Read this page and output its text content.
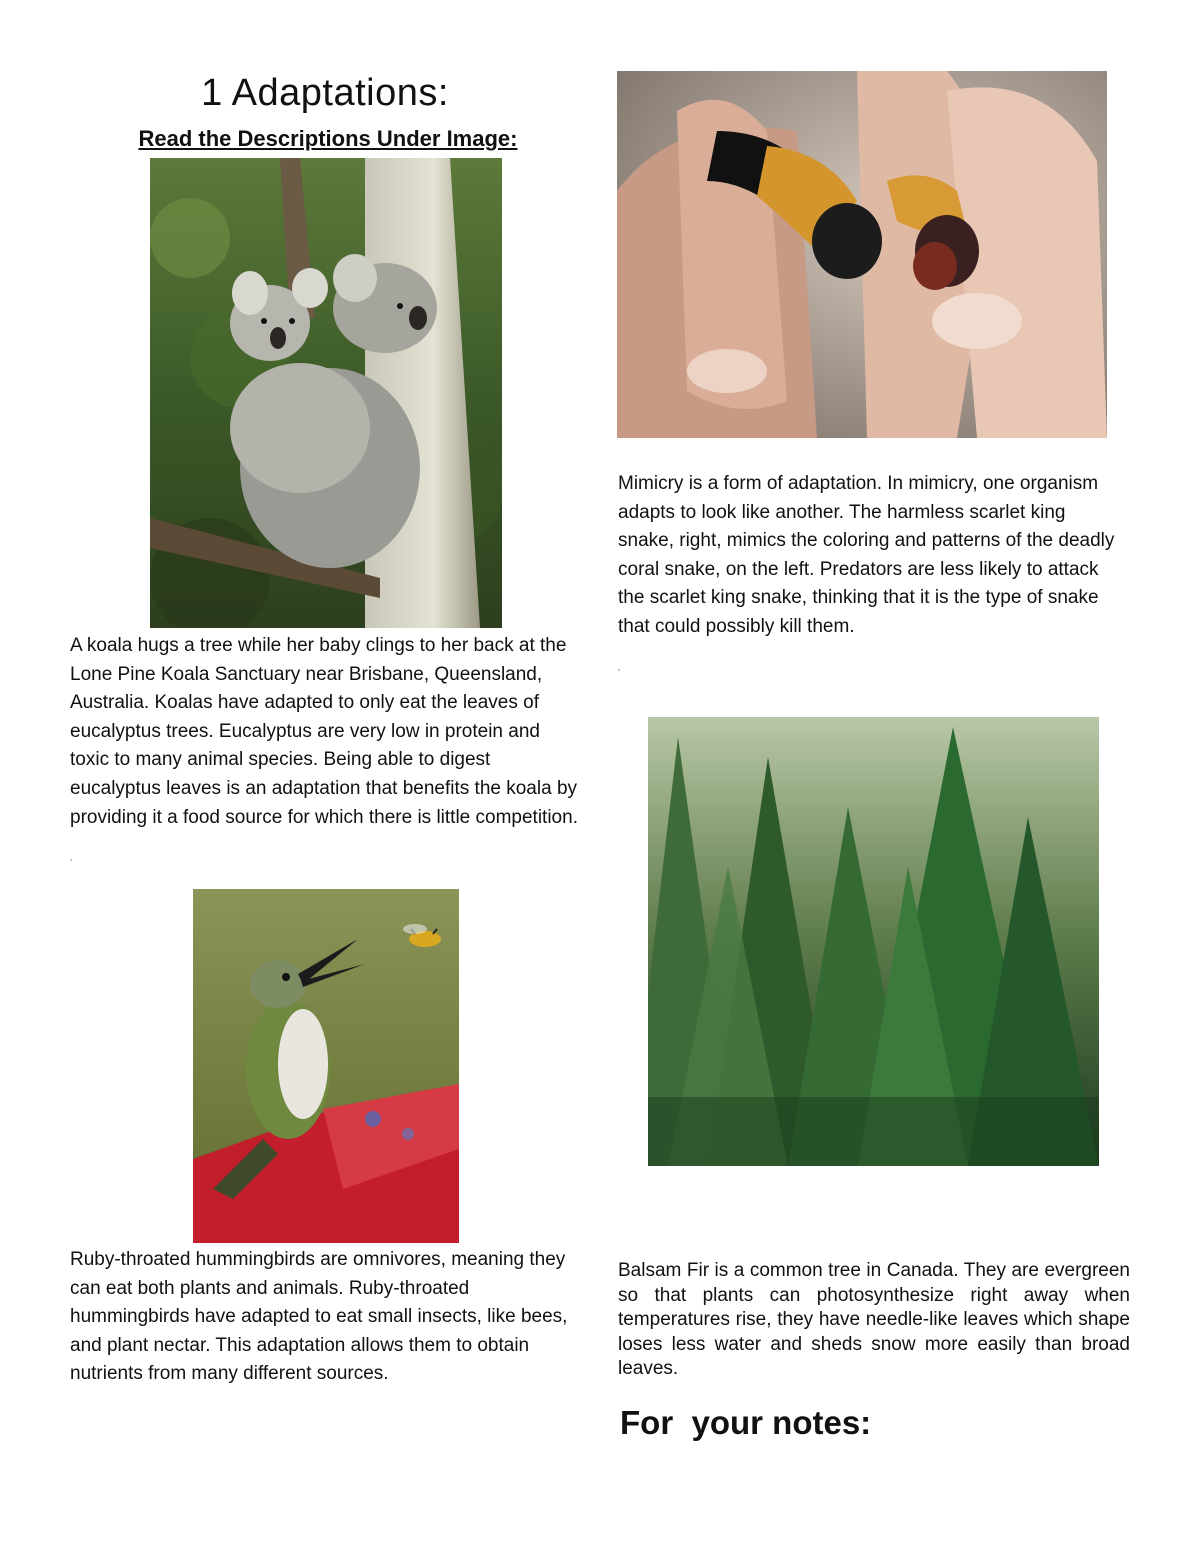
1 Adaptations:
Read the Descriptions Under Image:
A koala hugs a tree while her baby clings to her back at the Lone Pine Koala Sanctuary near Brisbane, Queensland, Australia. Koalas have adapted to only eat the leaves of eucalyptus trees. Eucalyptus are very low in protein and toxic to many animal species. Being able to digest eucalyptus leaves is an adaptation that benefits the koala by providing it a food source for which there is little competition.
'
Mimicry is a form of adaptation. In mimicry, one organism adapts to look like another. The harmless scarlet king snake, right, mimics the coloring and patterns of the deadly coral snake, on the left. Predators are less likely to attack the scarlet king snake, thinking that it is the type of snake that could possibly kill them.
'
Ruby-throated hummingbirds are omnivores, meaning they can eat both plants and animals. Ruby-throated hummingbirds have adapted to eat small insects, like bees, and plant nectar. This adaptation allows them to obtain nutrients from many different sources.
Balsam Fir is a common tree in Canada. They are evergreen so that plants can photosynthesize right away when temperatures rise, they have needle-like leaves which shape loses less water and sheds snow more easily than broad leaves.
For  your notes:
